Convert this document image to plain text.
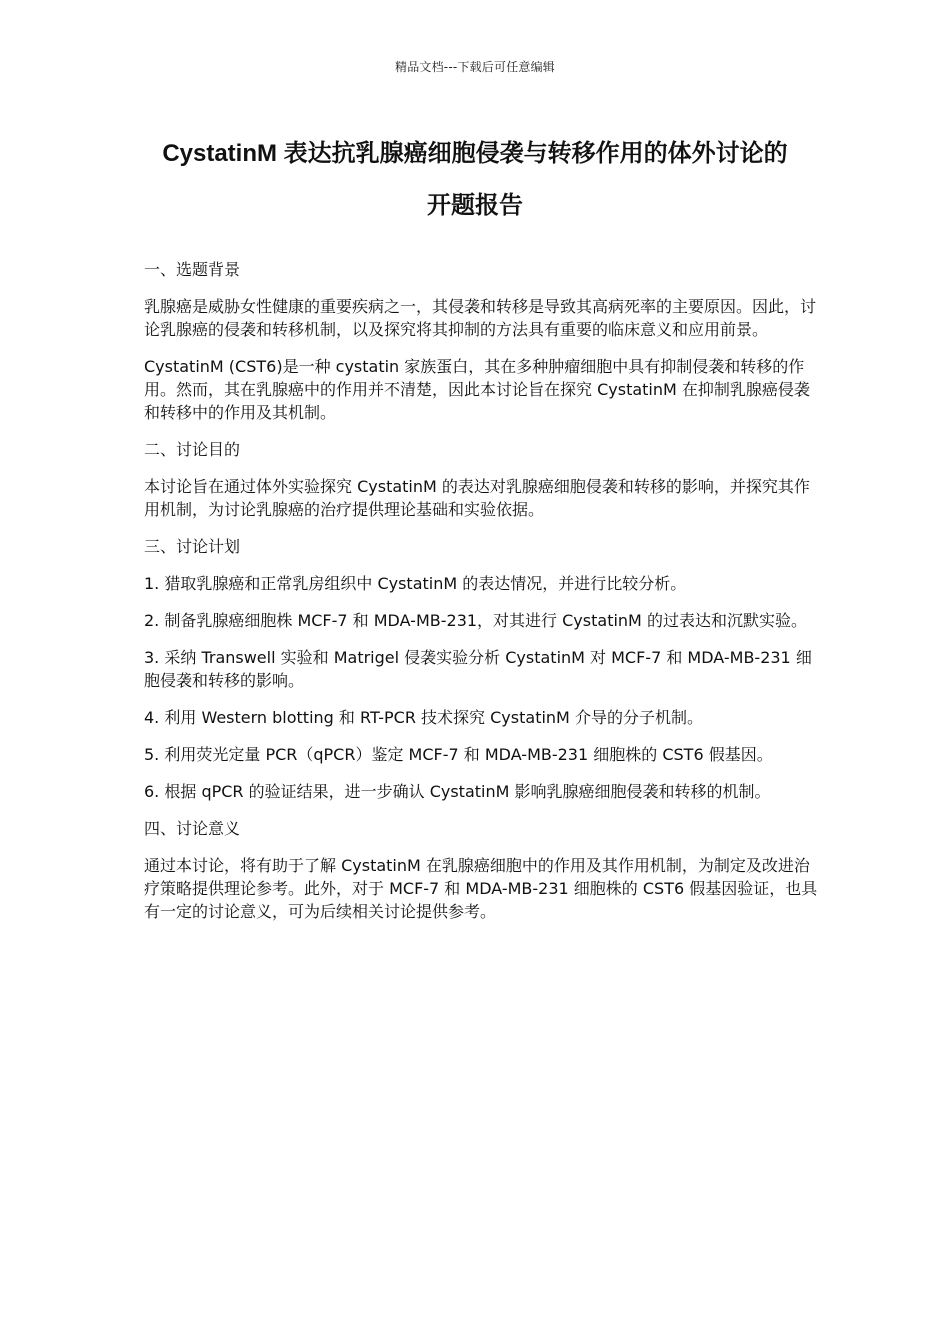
精品文档---下载后可任意编辑
CystatinM 表达抗乳腺癌细胞侵袭与转移作用的体外讨论的
开题报告

一、选题背景

乳腺癌是威胁女性健康的重要疾病之一，其侵袭和转移是导致其高病死率的主要原因。因此，讨论乳腺癌的侵袭和转移机制，以及探究将其抑制的方法具有重要的临床意义和应用前景。

CystatinM (CST6)是一种 cystatin 家族蛋白，其在多种肿瘤细胞中具有抑制侵袭和转移的作用。然而，其在乳腺癌中的作用并不清楚，因此本讨论旨在探究 CystatinM 在抑制乳腺癌侵袭和转移中的作用及其机制。

二、讨论目的

本讨论旨在通过体外实验探究 CystatinM 的表达对乳腺癌细胞侵袭和转移的影响，并探究其作用机制，为讨论乳腺癌的治疗提供理论基础和实验依据。

三、讨论计划

1. 猎取乳腺癌和正常乳房组织中 CystatinM 的表达情况，并进行比较分析。

2. 制备乳腺癌细胞株 MCF-7 和 MDA-MB-231，对其进行 CystatinM 的过表达和沉默实验。

3. 采纳 Transwell 实验和 Matrigel 侵袭实验分析 CystatinM 对 MCF-7 和 MDA-MB-231 细胞侵袭和转移的影响。

4. 利用 Western blotting 和 RT-PCR 技术探究 CystatinM 介导的分子机制。

5. 利用荧光定量 PCR（qPCR）鉴定 MCF-7 和 MDA-MB-231 细胞株的 CST6 假基因。

6. 根据 qPCR 的验证结果，进一步确认 CystatinM 影响乳腺癌细胞侵袭和转移的机制。

四、讨论意义

通过本讨论，将有助于了解 CystatinM 在乳腺癌细胞中的作用及其作用机制，为制定及改进治疗策略提供理论参考。此外，对于 MCF-7 和 MDA-MB-231 细胞株的 CST6 假基因验证，也具有一定的讨论意义，可为后续相关讨论提供参考。
